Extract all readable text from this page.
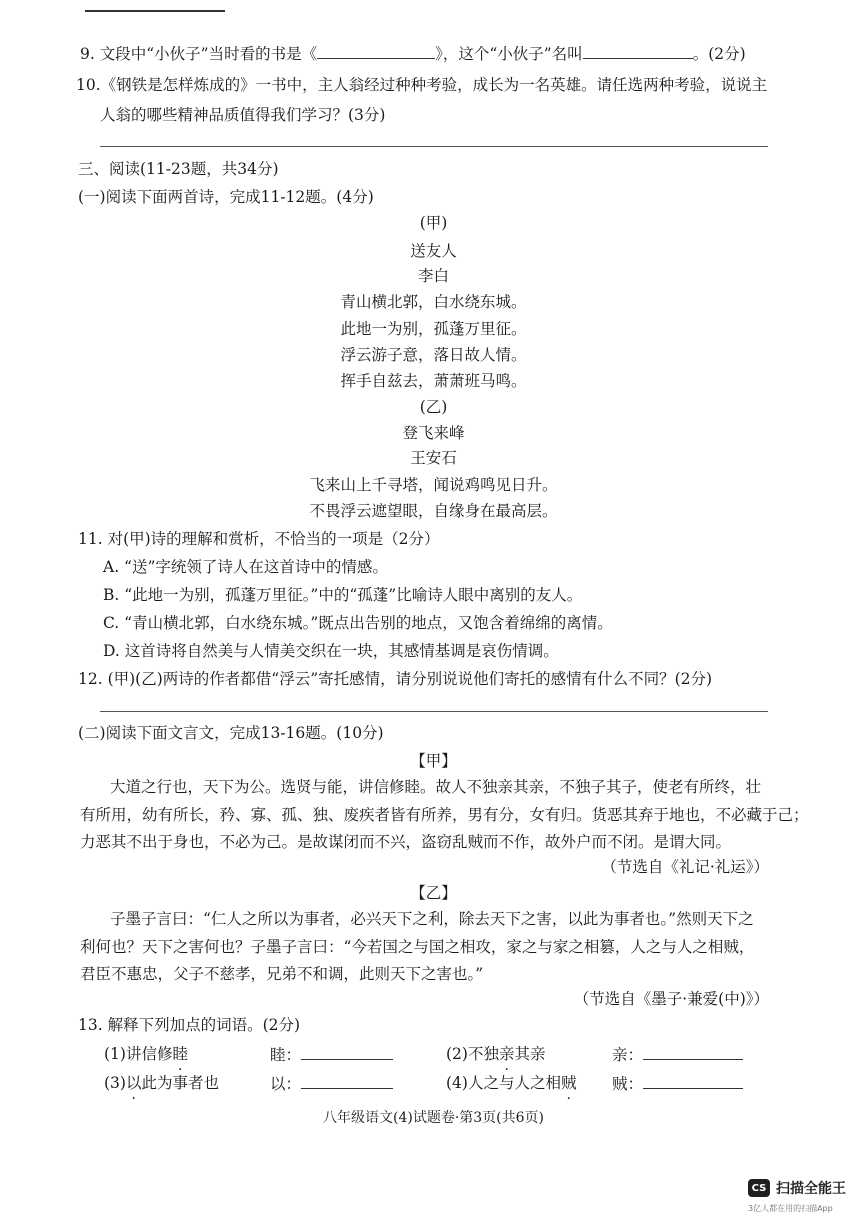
9. 文段中“小伙子”当时看的书是《	》，这个“小伙子”名叫	。(2分)
10.《钢铁是怎样炼成的》一书中，主人翁经过种种考验，成长为一名英雄。请任选两种考验，说说主
人翁的哪些精神品质值得我们学习？(3分)
三、阅读(11-23题，共34分)
(一)阅读下面两首诗，完成11-12题。(4分)
(甲)
送友人
李白
青山横北郭，白水绕东城。
此地一为别，孤蓬万里征。
浮云游子意，落日故人情。
挥手自兹去，萧萧班马鸣。
(乙)
登飞来峰
王安石
飞来山上千寻塔，闻说鸡鸣见日升。
不畏浮云遮望眼，自缘身在最高层。
11. 对(甲)诗的理解和赏析，不恰当的一项是（2分）
A. “送”字统领了诗人在这首诗中的情感。
B. “此地一为别，孤蓬万里征。”中的“孤蓬”比喻诗人眼中离别的友人。
C. “青山横北郭，白水绕东城。”既点出告别的地点，又饱含着绵绵的离情。
D. 这首诗将自然美与人情美交织在一块，其感情基调是哀伤情调。
12. (甲)(乙)两诗的作者都借“浮云”寄托感情，请分别说说他们寄托的感情有什么不同？(2分)
(二)阅读下面文言文，完成13-16题。(10分)
【甲】
大道之行也，天下为公。选贤与能，讲信修睦。故人不独亲其亲，不独子其子，使老有所终，壮
有所用，幼有所长，矜、寡、孤、独、废疾者皆有所养，男有分，女有归。货恶其弃于地也，不必藏于己；
力恶其不出于身也，不必为己。是故谋闭而不兴，盗窃乱贼而不作，故外户而不闭。是谓大同。
（节选自《礼记·礼运》）
【乙】
子墨子言曰：“仁人之所以为事者，必兴天下之利，除去天下之害，以此为事者也。”然则天下之
利何也？天下之害何也？子墨子言曰：“今若国之与国之相攻，家之与家之相篡，人之与人之相贼，
君臣不惠忠，父子不慈孝，兄弟不和调，此则天下之害也。”
（节选自《墨子·兼爱(中)》）
13. 解释下列加点的词语。(2分)
(1)讲信修睦	睦：	(2)不独亲其亲	亲：
(3)以此为事者也	以：	(4)人之与人之相贼 贼：
八年级语文(4)试题卷·第3页(共6页)
CS 扫描全能王
3亿人都在用的扫描App
